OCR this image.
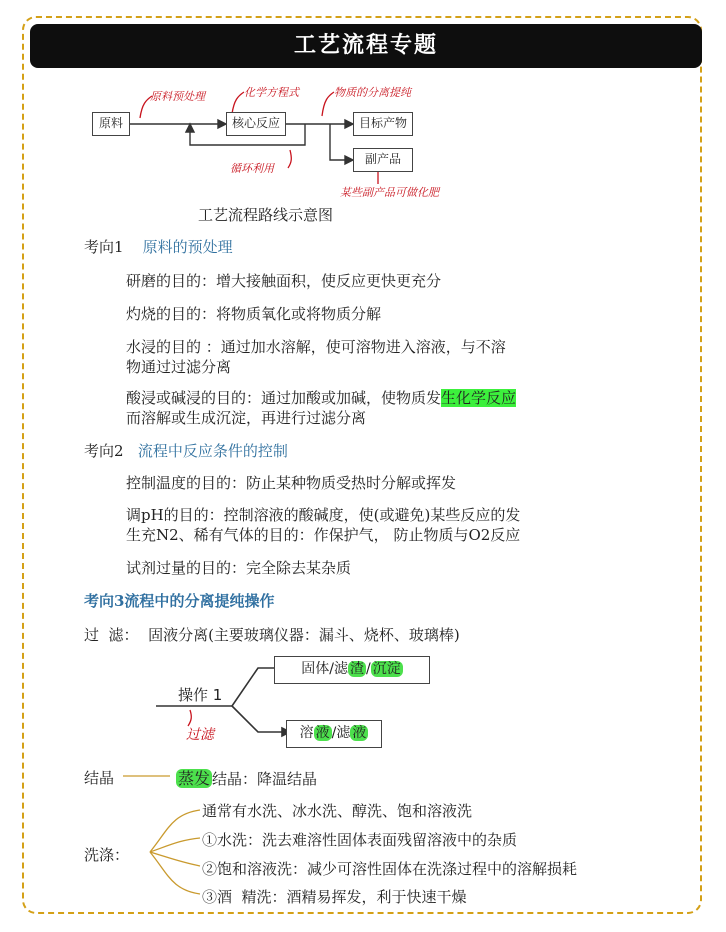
工艺流程专题
原料	核心反应	目标产物
副产品
原料预处理	化学方程式	物质的分离提纯
循环利用
某些副产品可做化肥
工艺流程路线示意图
考向1 原料的预处理
研磨的目的：增大接触面积，使反应更快更充分
灼烧的目的：将物质氧化或将物质分解
水浸的目的 ：通过加水溶解，使可溶物进入溶液，与不溶
物通过过滤分离
酸浸或碱浸的目的：通过加酸或加碱，使物质发生化学反应
而溶解或生成沉淀，再进行过滤分离
考向2 流程中反应条件的控制
控制温度的目的：防止某种物质受热时分解或挥发
调pH的目的：控制溶液的酸碱度，使(或避免)某些反应的发
生充N2、稀有气体的目的：作保护气， 防止物质与O2反应
试剂过量的目的：完全除去某杂质
考向3流程中的分离提纯操作
过  滤：  固液分离(主要玻璃仪器：漏斗、烧杯、玻璃棒)
操作 1
过滤
固体/滤 渣 / 沉淀
溶 液 /滤 液
结晶	蒸发 结晶：降温结晶
洗涤：
通常有水洗、冰水洗、醇洗、饱和溶液洗
①水洗：洗去难溶性固体表面残留溶液中的杂质
②饱和溶液洗：减少可溶性固体在洗涤过程中的溶解损耗
③酒  精洗：酒精易挥发，利于快速干燥
